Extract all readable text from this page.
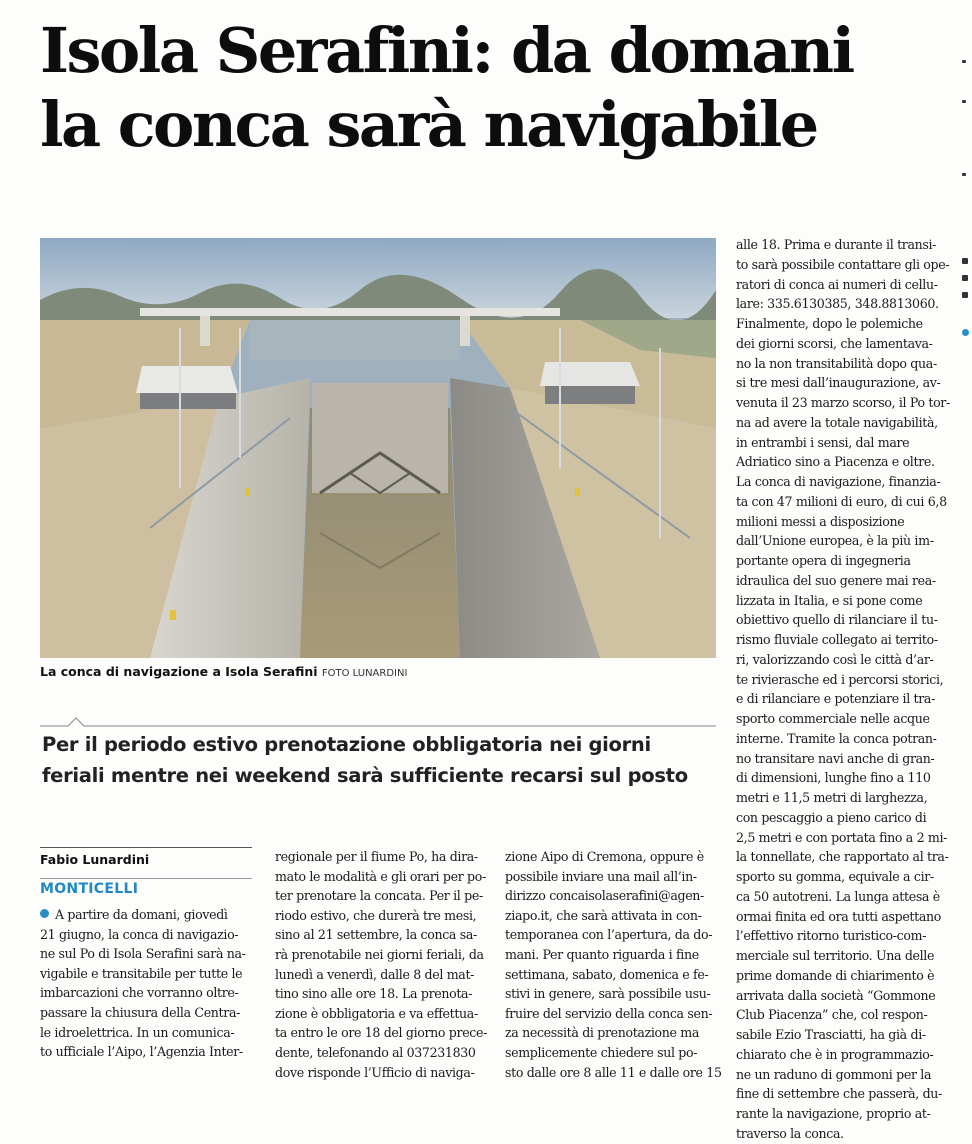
Isola Serafini: da domani
la conca sarà navigabile
La conca di navigazione a Isola Serafini FOTO LUNARDINI
Per il periodo estivo prenotazione obbligatoria nei giorni
feriali mentre nei weekend sarà sufficiente recarsi sul posto
Fabio Lunardini
MONTICELLI
A partire da domani, giovedì
21 giugno, la conca di navigazio-
ne sul Po di Isola Serafini sarà na-
vigabile e transitabile per tutte le
imbarcazioni che vorranno oltre-
passare la chiusura della Centra-
le idroelettrica. In un comunica-
to ufficiale l’Aipo, l’Agenzia Inter-
regionale per il fiume Po, ha dira-
mato le modalità e gli orari per po-
ter prenotare la concata. Per il pe-
riodo estivo, che durerà tre mesi,
sino al 21 settembre, la conca sa-
rà prenotabile nei giorni feriali, da
lunedì a venerdì, dalle 8 del mat-
tino sino alle ore 18. La prenota-
zione è obbligatoria e va effettua-
ta entro le ore 18 del giorno prece-
dente, telefonando al 037231830
dove risponde l’Ufficio di naviga-
zione Aipo di Cremona, oppure è
possibile inviare una mail all’in-
dirizzo concaisolaserafini@agen-
ziapo.it, che sarà attivata in con-
temporanea con l’apertura, da do-
mani. Per quanto riguarda i fine
settimana, sabato, domenica e fe-
stivi in genere, sarà possibile usu-
fruire del servizio della conca sen-
za necessità di prenotazione ma
semplicemente chiedere sul po-
sto dalle ore 8 alle 11 e dalle ore 15
alle 18. Prima e durante il transi-
to sarà possibile contattare gli ope-
ratori di conca ai numeri di cellu-
lare: 335.6130385, 348.8813060.
Finalmente, dopo le polemiche
dei giorni scorsi, che lamentava-
no la non transitabilità dopo qua-
si tre mesi dall’inaugurazione, av-
venuta il 23 marzo scorso, il Po tor-
na ad avere la totale navigabilità,
in entrambi i sensi, dal mare
Adriatico sino a Piacenza e oltre.
La conca di navigazione, finanzia-
ta con 47 milioni di euro, di cui 6,8
milioni messi a disposizione
dall’Unione europea, è la più im-
portante opera di ingegneria
idraulica del suo genere mai rea-
lizzata in Italia, e si pone come
obiettivo quello di rilanciare il tu-
rismo fluviale collegato ai territo-
ri, valorizzando così le città d’ar-
te rivierasche ed i percorsi storici,
e di rilanciare e potenziare il tra-
sporto commerciale nelle acque
interne. Tramite la conca potran-
no transitare navi anche di gran-
di dimensioni, lunghe fino a 110
metri e 11,5 metri di larghezza,
con pescaggio a pieno carico di
2,5 metri e con portata fino a 2 mi-
la tonnellate, che rapportato al tra-
sporto su gomma, equivale a cir-
ca 50 autotreni. La lunga attesa è
ormai finita ed ora tutti aspettano
l’effettivo ritorno turistico-com-
merciale sul territorio. Una delle
prime domande di chiarimento è
arrivata dalla società “Gommone
Club Piacenza” che, col respon-
sabile Ezio Trasciatti, ha già di-
chiarato che è in programmazio-
ne un raduno di gommoni per la
fine di settembre che passerà, du-
rante la navigazione, proprio at-
traverso la conca.
